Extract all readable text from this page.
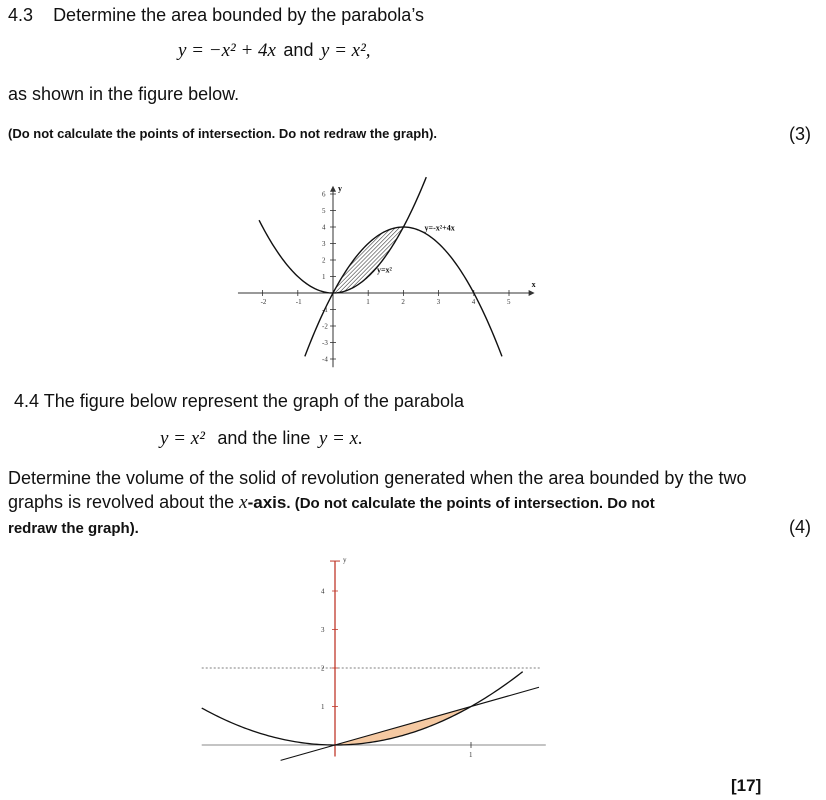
4.3 Determine the area bounded by the parabola’s
y = −x² + 4x and y = x²,
as shown in the figure below.
(Do not calculate the points of intersection. Do not redraw the graph).	(3)
y
x
-2	-1	1	2	3	4	5
6
5
4
3
2
1
-1
-2
-3
-4
y=-x²+4x
y=x²
4.4 The figure below represent the graph of the parabola
y = x² and the line y = x.
Determine the volume of the solid of revolution generated when the area bounded by the two
graphs is revolved about the x-axis. (Do not calculate the points of intersection. Do not
redraw the graph).	(4)
y
4
3
2
1
1
[17]
